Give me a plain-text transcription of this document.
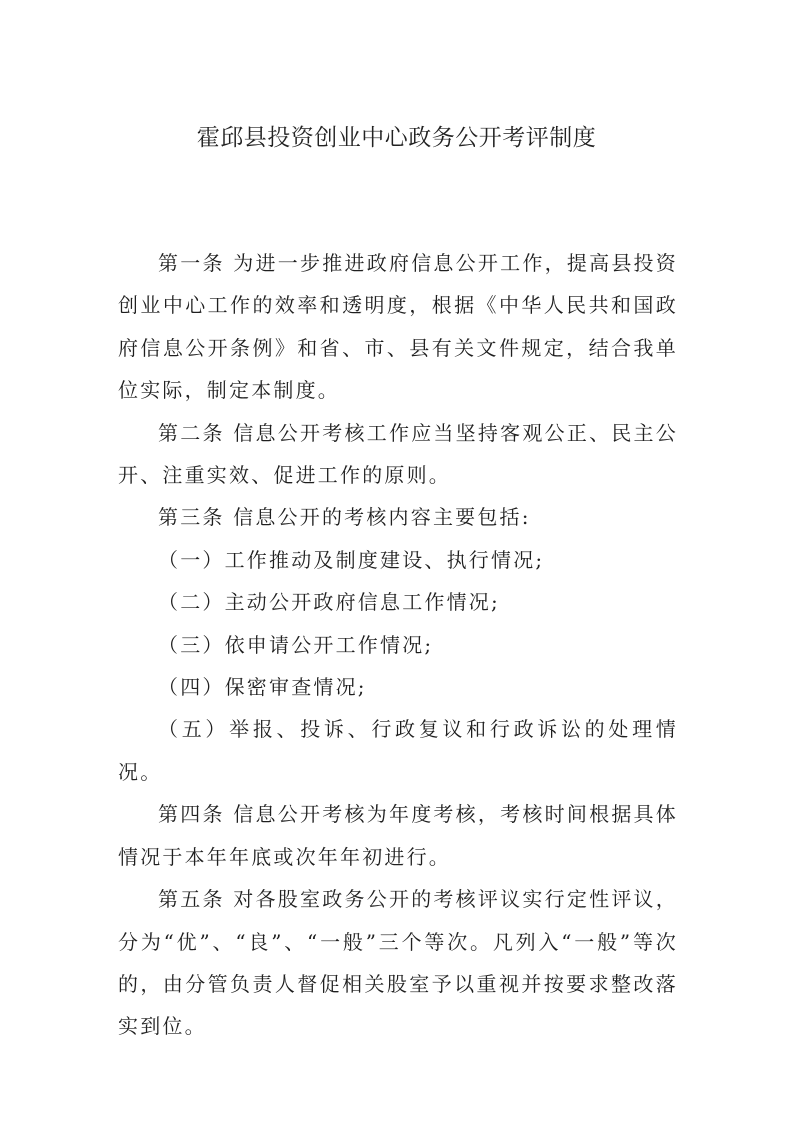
霍邱县投资创业中心政务公开考评制度

第一条 为进一步推进政府信息公开工作，提高县投资创业中心工作的效率和透明度，根据《中华人民共和国政府信息公开条例》和省、市、县有关文件规定，结合我单位实际，制定本制度。

第二条 信息公开考核工作应当坚持客观公正、民主公开、注重实效、促进工作的原则。

第三条 信息公开的考核内容主要包括:

（一）工作推动及制度建设、执行情况;

（二）主动公开政府信息工作情况;

（三）依申请公开工作情况;

（四）保密审查情况;

（五）举报、投诉、行政复议和行政诉讼的处理情况。

第四条 信息公开考核为年度考核，考核时间根据具体情况于本年年底或次年年初进行。

第五条 对各股室政务公开的考核评议实行定性评议，分为“优”、“良”、“一般”三个等次。凡列入“一般”等次的，由分管负责人督促相关股室予以重视并按要求整改落实到位。
